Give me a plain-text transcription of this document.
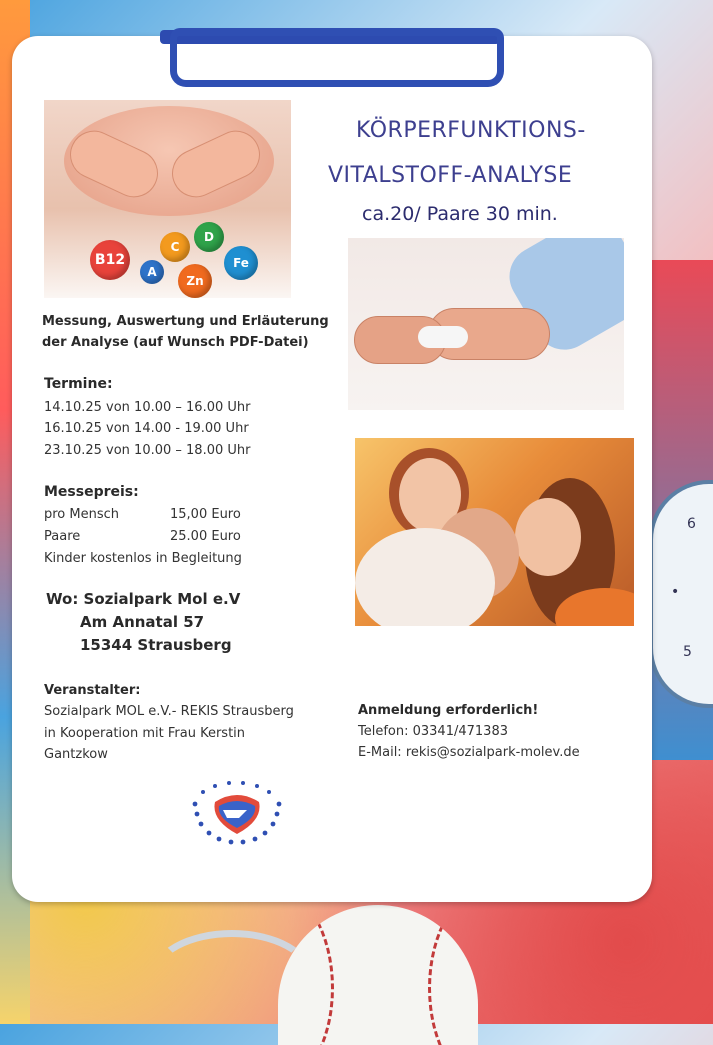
6
•
5
B12
C
D
A
Zn
Fe
KÖRPERFUNKTIONS-
VITALSTOFF-ANALYSE
ca.20/ Paare 30 min.
Messung, Auswertung und Erläuterung
der Analyse (auf Wunsch PDF-Datei)
Termine:
14.10.25 von 10.00 – 16.00 Uhr
16.10.25 von 14.00 - 19.00 Uhr
23.10.25 von 10.00 – 18.00 Uhr
Messepreis:
pro Mensch	15,00 Euro
Paare	25.00 Euro
Kinder kostenlos in Begleitung
Wo: Sozialpark Mol e.V
Am Annatal 57
15344 Strausberg
Veranstalter:
Sozialpark MOL e.V.- REKIS Strausberg
in Kooperation mit Frau Kerstin
Gantzkow
Anmeldung erforderlich!
Telefon: 03341/471383
E-Mail: rekis@sozialpark-molev.de
